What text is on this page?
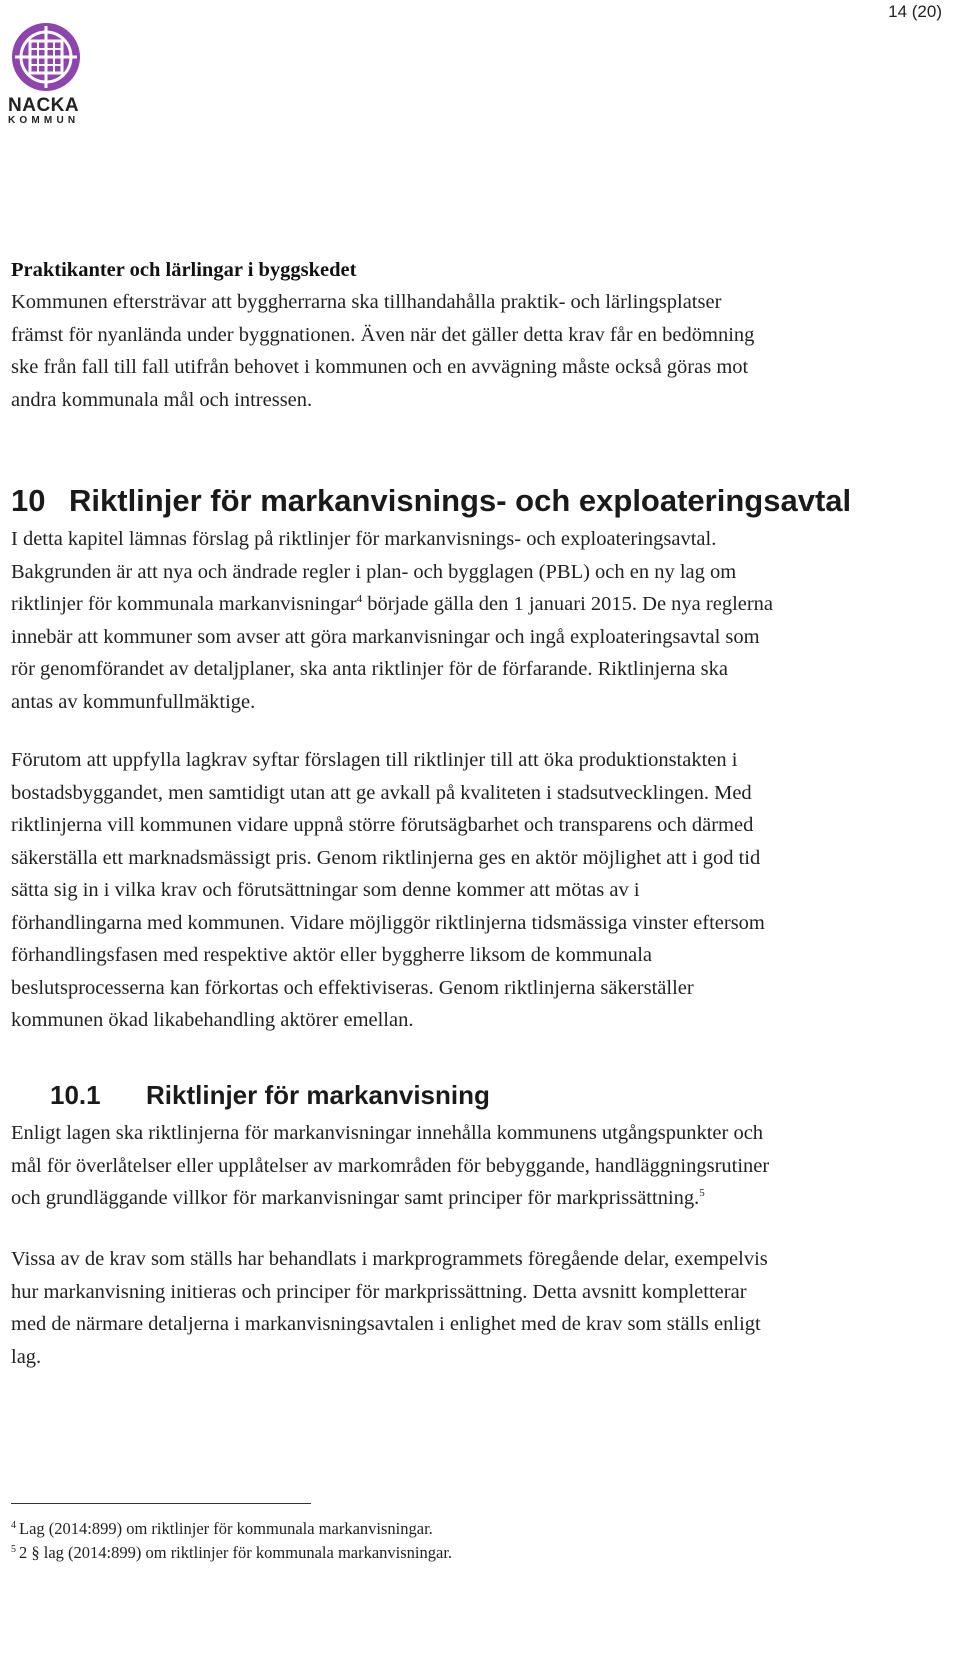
14 (20)
NACKA
KOMMUN

Praktikanter och lärlingar i byggskedet

Kommunen eftersträvar att byggherrarna ska tillhandahålla praktik- och lärlingsplatser

främst för nyanlända under byggnationen. Även när det gäller detta krav får en bedömning

ske från fall till fall utifrån behovet i kommunen och en avvägning måste också göras mot

andra kommunala mål och intressen.

10 Riktlinjer för markanvisnings- och exploateringsavtal

I detta kapitel lämnas förslag på riktlinjer för markanvisnings- och exploateringsavtal.

Bakgrunden är att nya och ändrade regler i plan- och bygglagen (PBL) och en ny lag om

riktlinjer för kommunala markanvisningar$^4$ började gälla den 1 januari 2015. De nya reglerna

innebär att kommuner som avser att göra markanvisningar och ingå exploateringsavtal som

rör genomförandet av detaljplaner, ska anta riktlinjer för de förfarande. Riktlinjerna ska

antas av kommunfullmäktige.

Förutom att uppfylla lagkrav syftar förslagen till riktlinjer till att öka produktionstakten i

bostadsbyggandet, men samtidigt utan att ge avkall på kvaliteten i stadsutvecklingen. Med

riktlinjerna vill kommunen vidare uppnå större förutsägbarhet och transparens och därmed

säkerställa ett marknadsmässigt pris. Genom riktlinjerna ges en aktör möjlighet att i god tid

sätta sig in i vilka krav och förutsättningar som denne kommer att mötas av i

förhandlingarna med kommunen. Vidare möjliggör riktlinjerna tidsmässiga vinster eftersom

förhandlingsfasen med respektive aktör eller byggherre liksom de kommunala

beslutsprocesserna kan förkortas och effektiviseras. Genom riktlinjerna säkerställer

kommunen ökad likabehandling aktörer emellan.

10.1 Riktlinjer för markanvisning

Enligt lagen ska riktlinjerna för markanvisningar innehålla kommunens utgångspunkter och

mål för överlåtelser eller upplåtelser av markområden för bebyggande, handläggningsrutiner

och grundläggande villkor för markanvisningar samt principer för markprissättning.$^5$

Vissa av de krav som ställs har behandlats i markprogrammets föregående delar, exempelvis

hur markanvisning initieras och principer för markprissättning. Detta avsnitt kompletterar

med de närmare detaljerna i markanvisningsavtalen i enlighet med de krav som ställs enligt

lag.

$^4$ Lag (2014:899) om riktlinjer för kommunala markanvisningar.
$^5$ 2 § lag (2014:899) om riktlinjer för kommunala markanvisningar.
